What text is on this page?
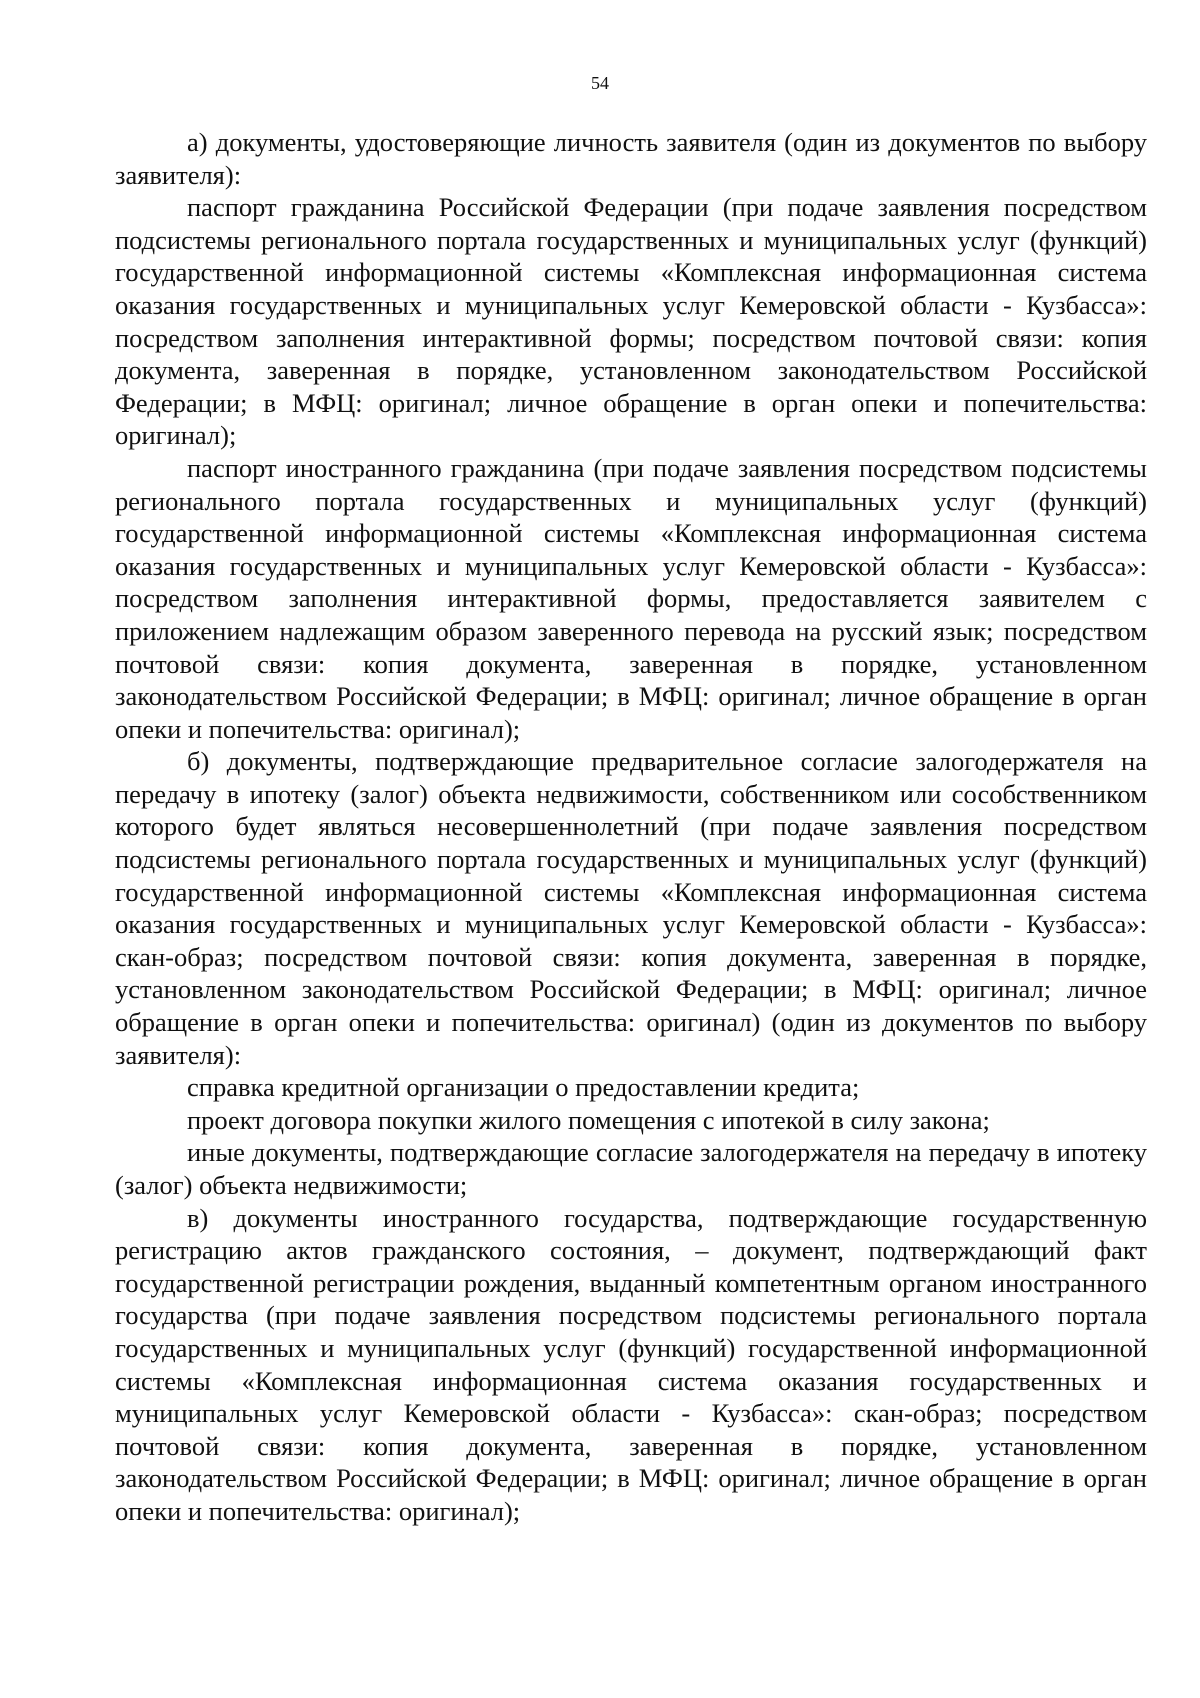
54

а) документы, удостоверяющие личность заявителя (один из документов по выбору заявителя):

паспорт гражданина Российской Федерации (при подаче заявления посредством подсистемы регионального портала государственных и муниципальных услуг (функций) государственной информационной системы «Комплексная информационная система оказания государственных и муниципальных услуг Кемеровской области - Кузбасса»: посредством заполнения интерактивной формы; посредством почтовой связи: копия документа, заверенная в порядке, установленном законодательством Российской Федерации; в МФЦ: оригинал; личное обращение в орган опеки и попечительства: оригинал);

паспорт иностранного гражданина (при подаче заявления посредством подсистемы регионального портала государственных и муниципальных услуг (функций) государственной информационной системы «Комплексная информационная система оказания государственных и муниципальных услуг Кемеровской области - Кузбасса»: посредством заполнения интерактивной формы, предоставляется заявителем с приложением надлежащим образом заверенного перевода на русский язык; посредством почтовой связи: копия документа, заверенная в порядке, установленном законодательством Российской Федерации; в МФЦ: оригинал; личное обращение в орган опеки и попечительства: оригинал);

б) документы, подтверждающие предварительное согласие залогодержателя на передачу в ипотеку (залог) объекта недвижимости, собственником или сособственником которого будет являться несовершеннолетний (при подаче заявления посредством подсистемы регионального портала государственных и муниципальных услуг (функций) государственной информационной системы «Комплексная информационная система оказания государственных и муниципальных услуг Кемеровской области - Кузбасса»: скан-образ; посредством почтовой связи: копия документа, заверенная в порядке, установленном законодательством Российской Федерации; в МФЦ: оригинал; личное обращение в орган опеки и попечительства: оригинал) (один из документов по выбору заявителя):

справка кредитной организации о предоставлении кредита;

проект договора покупки жилого помещения с ипотекой в силу закона;

иные документы, подтверждающие согласие залогодержателя на передачу в ипотеку (залог) объекта недвижимости;

в) документы иностранного государства, подтверждающие государственную регистрацию актов гражданского состояния, – документ, подтверждающий факт государственной регистрации рождения, выданный компетентным органом иностранного государства (при подаче заявления посредством подсистемы регионального портала государственных и муниципальных услуг (функций) государственной информационной системы «Комплексная информационная система оказания государственных и муниципальных услуг Кемеровской области - Кузбасса»: скан-образ; посредством почтовой связи: копия документа, заверенная в порядке, установленном законодательством Российской Федерации; в МФЦ: оригинал; личное обращение в орган опеки и попечительства: оригинал);
